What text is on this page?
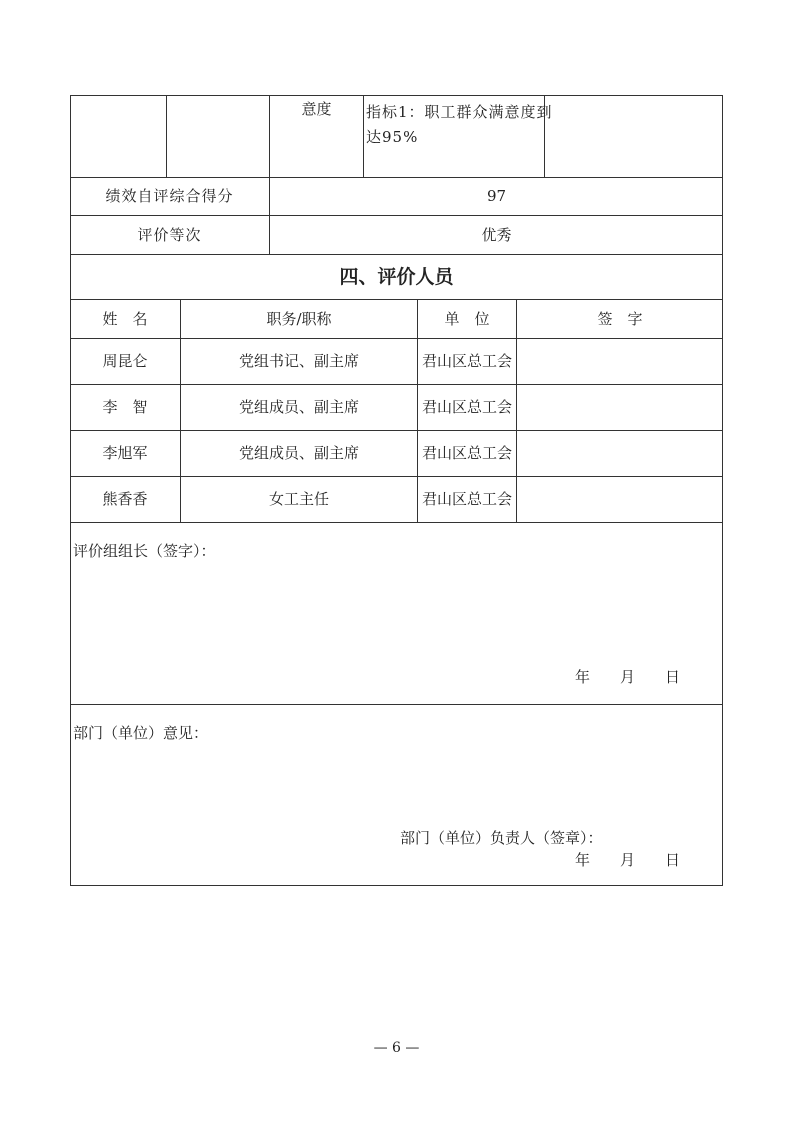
意度	指标1：职工群众满意度到
达95%
绩效自评综合得分	97
评价等次	优秀
四、评价人员
姓　名	职务/职称	单　位	签　字
周昆仑	党组书记、副主席	君山区总工会
李　智	党组成员、副主席	君山区总工会
李旭军	党组成员、副主席	君山区总工会
熊香香	女工主任	君山区总工会
评价组组长（签字）：
年　　月　　日
部门（单位）意见：
部门（单位）负责人（签章）：
年　　月　　日
— 6 —
